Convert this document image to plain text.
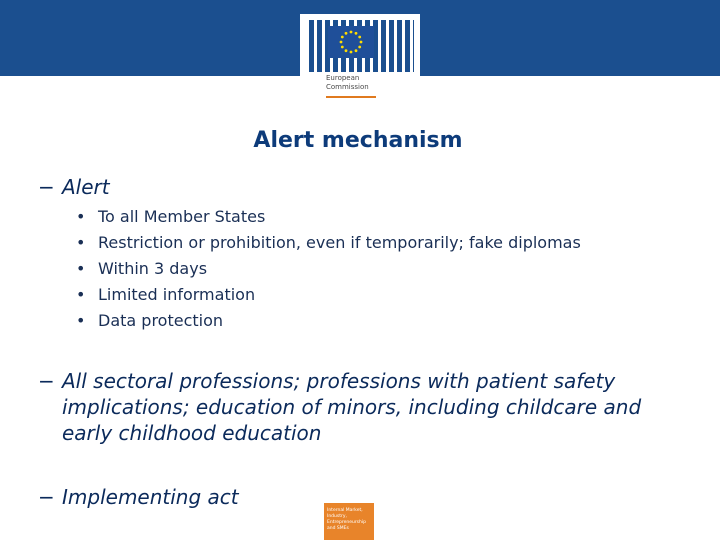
European
Commission
Alert mechanism
− Alert
• To all Member States
• Restriction or prohibition, even if temporarily; fake diplomas
• Within 3 days
• Limited information
• Data protection
− All sectoral professions; professions with patient safety implications; education of minors, including childcare and early childhood education
− Implementing act
Internal Market, Industry, Entrepreneurship and SMEs
